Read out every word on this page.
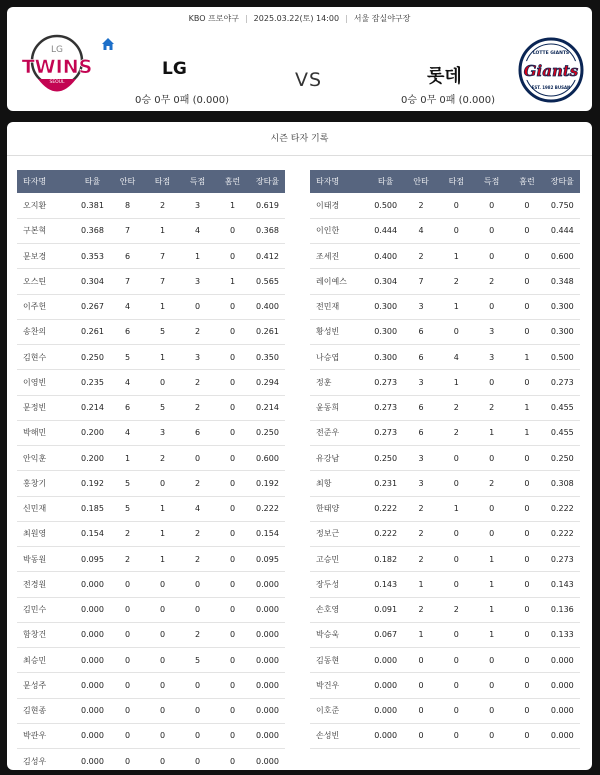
KBO 프로야구 | 2025.03.22(토) 14:00 | 서울 잠실야구장
LG
TWINS
SEOUL
LG
0승 0무 0패 (0.000)
VS	롯데
0승 0무 0패 (0.000)
LOTTE GIANTS
Giants
EST. 1982 BUSAN
시즌 타자 기록
타자명	타율	안타	타점	득점	홈런	장타율
오지환	0.381	8	2	3	1	0.619
구본혁	0.368	7	1	4	0	0.368
문보경	0.353	6	7	1	0	0.412
오스틴	0.304	7	7	3	1	0.565
이주헌	0.267	4	1	0	0	0.400
송찬의	0.261	6	5	2	0	0.261
김현수	0.250	5	1	3	0	0.350
이영빈	0.235	4	0	2	0	0.294
문정빈	0.214	6	5	2	0	0.214
박해민	0.200	4	3	6	0	0.250
안익훈	0.200	1	2	0	0	0.600
홍창기	0.192	5	0	2	0	0.192
신민재	0.185	5	1	4	0	0.222
최원영	0.154	2	1	2	0	0.154
박동원	0.095	2	1	2	0	0.095
전경원	0.000	0	0	0	0	0.000
김민수	0.000	0	0	0	0	0.000
함창건	0.000	0	0	2	0	0.000
최승민	0.000	0	0	5	0	0.000
문성주	0.000	0	0	0	0	0.000
김현종	0.000	0	0	0	0	0.000
박관우	0.000	0	0	0	0	0.000
김성우	0.000	0	0	0	0	0.000
타자명	타율	안타	타점	득점	홈런	장타율
이태경	0.500	2	0	0	0	0.750
이인한	0.444	4	0	0	0	0.444
조세진	0.400	2	1	0	0	0.600
레이예스	0.304	7	2	2	0	0.348
전민재	0.300	3	1	0	0	0.300
황성빈	0.300	6	0	3	0	0.300
나승엽	0.300	6	4	3	1	0.500
정훈	0.273	3	1	0	0	0.273
윤동희	0.273	6	2	2	1	0.455
전준우	0.273	6	2	1	1	0.455
유강남	0.250	3	0	0	0	0.250
최항	0.231	3	0	2	0	0.308
한태양	0.222	2	1	0	0	0.222
정보근	0.222	2	0	0	0	0.222
고승민	0.182	2	0	1	0	0.273
장두성	0.143	1	0	1	0	0.143
손호영	0.091	2	2	1	0	0.136
박승욱	0.067	1	0	1	0	0.133
김동현	0.000	0	0	0	0	0.000
박건우	0.000	0	0	0	0	0.000
이호준	0.000	0	0	0	0	0.000
손성빈	0.000	0	0	0	0	0.000
